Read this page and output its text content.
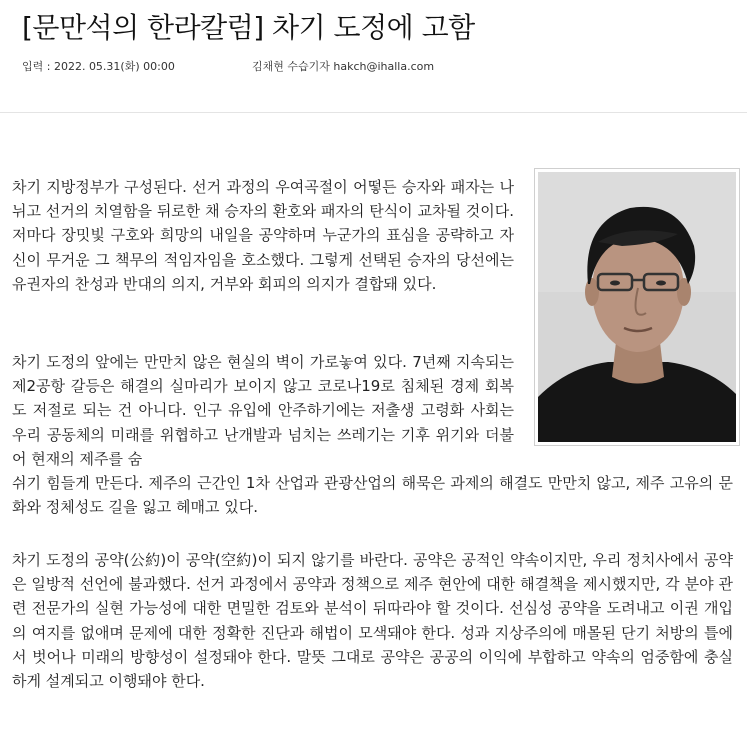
[문만석의 한라칼럼] 차기 도정에 고함
입력 : 2022. 05.31(화) 00:00	김채현 수습기자 hakch@ihalla.com

차기 지방정부가 구성된다. 선거 과정의 우여곡절이 어떻든 승자와 패자는 나뉘고 선거의 치열함을 뒤로한 채 승자의 환호와 패자의 탄식이 교차될 것이다. 저마다 장밋빛 구호와 희망의 내일을 공약하며 누군가의 표심을 공략하고 자신이 무거운 그 책무의 적임자임을 호소했다. 그렇게 선택된 승자의 당선에는 유권자의 찬성과 반대의 의지, 거부와 회피의 의지가 결합돼 있다.

차기 도정의 앞에는 만만치 않은 현실의 벽이 가로놓여 있다. 7년째 지속되는 제2공항 갈등은 해결의 실마리가 보이지 않고 코로나19로 침체된 경제 회복도 저절로 되는 건 아니다. 인구 유입에 안주하기에는 저출생 고령화 사회는 우리 공동체의 미래를 위협하고 난개발과 넘치는 쓰레기는 기후 위기와 더불어 현재의 제주를 숨

쉬기 힘들게 만든다. 제주의 근간인 1차 산업과 관광산업의 해묵은 과제의 해결도 만만치 않고, 제주 고유의 문화와 정체성도 길을 잃고 헤매고 있다.

차기 도정의 공약(公約)이 공약(空約)이 되지 않기를 바란다. 공약은 공적인 약속이지만, 우리 정치사에서 공약은 일방적 선언에 불과했다. 선거 과정에서 공약과 정책으로 제주 현안에 대한 해결책을 제시했지만, 각 분야 관련 전문가의 실현 가능성에 대한 면밀한 검토와 분석이 뒤따라야 할 것이다. 선심성 공약을 도려내고 이권 개입의 여지를 없애며 문제에 대한 정확한 진단과 해법이 모색돼야 한다. 성과 지상주의에 매몰된 단기 처방의 틀에서 벗어나 미래의 방향성이 설정돼야 한다. 말뜻 그대로 공약은 공공의 이익에 부합하고 약속의 엄중함에 충실하게 설계되고 이행돼야 한다.
